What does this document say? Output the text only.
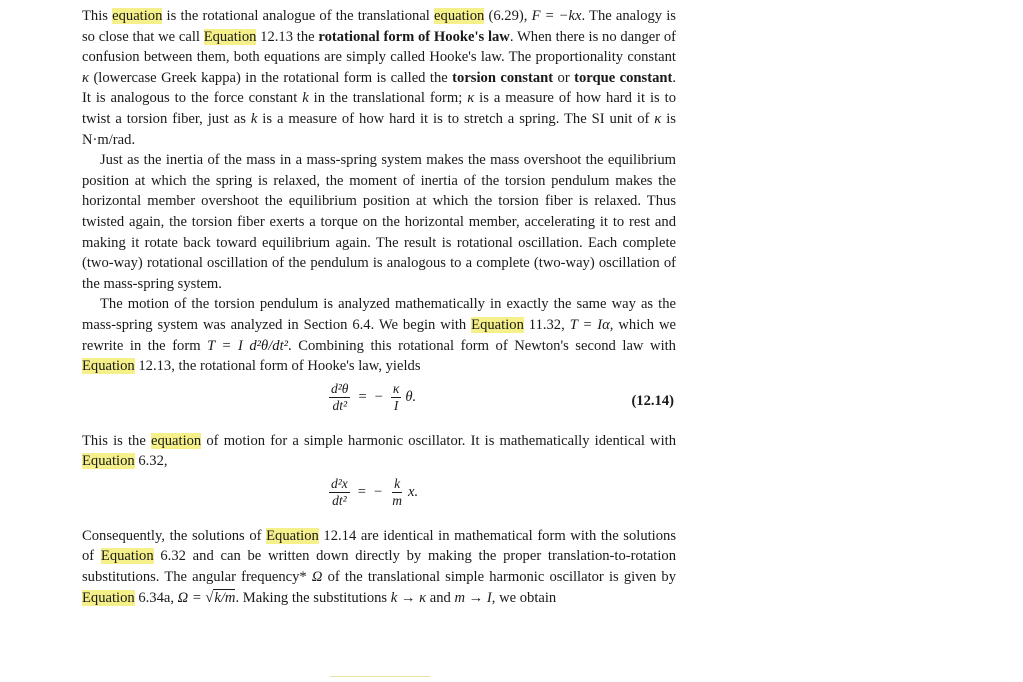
This equation is the rotational analogue of the translational equation (6.29), F = −kx. The analogy is so close that we call Equation 12.13 the rotational form of Hooke's law. When there is no danger of confusion between them, both equations are simply called Hooke's law. The proportionality constant κ (lowercase Greek kappa) in the rotational form is called the torsion constant or torque constant. It is analogous to the force constant k in the translational form; κ is a measure of how hard it is to twist a torsion fiber, just as k is a measure of how hard it is to stretch a spring. The SI unit of κ is N·m/rad.

Just as the inertia of the mass in a mass-spring system makes the mass overshoot the equilibrium position at which the spring is relaxed, the moment of inertia of the torsion pendulum makes the horizontal member overshoot the equilibrium position at which the torsion fiber is relaxed. Thus twisted again, the torsion fiber exerts a torque on the horizontal member, accelerating it to rest and making it rotate back toward equilibrium again. The result is rotational oscillation. Each complete (two-way) rotational oscillation of the pendulum is analogous to a complete (two-way) oscillation of the mass-spring system.

The motion of the torsion pendulum is analyzed mathematically in exactly the same way as the mass-spring system was analyzed in Section 6.4. We begin with Equation 11.32, T = Iα, which we rewrite in the form T = I d²θ/dt². Combining this rotational form of Newton's second law with Equation 12.13, the rotational form of Hooke's law, yields

$\frac{\text{d²θ}}{\text{dt²}}$ = − $\frac{\kappa}{I} \theta$.	(12.14)

This is the equation of motion for a simple harmonic oscillator. It is mathematically identical with Equation 6.32,

$\frac{\text{d²x}}{\text{dt²}}$ = − $\frac{k}{m} x$.

Consequently, the solutions of Equation 12.14 are identical in mathematical form with the solutions of Equation 6.32 and can be written down directly by making the proper translation-to-rotation substitutions. The angular frequency* Ω of the translational simple harmonic oscillator is given by Equation 6.34a, Ω = √k/m. Making the substitutions k → κ and m → I, we obtain
